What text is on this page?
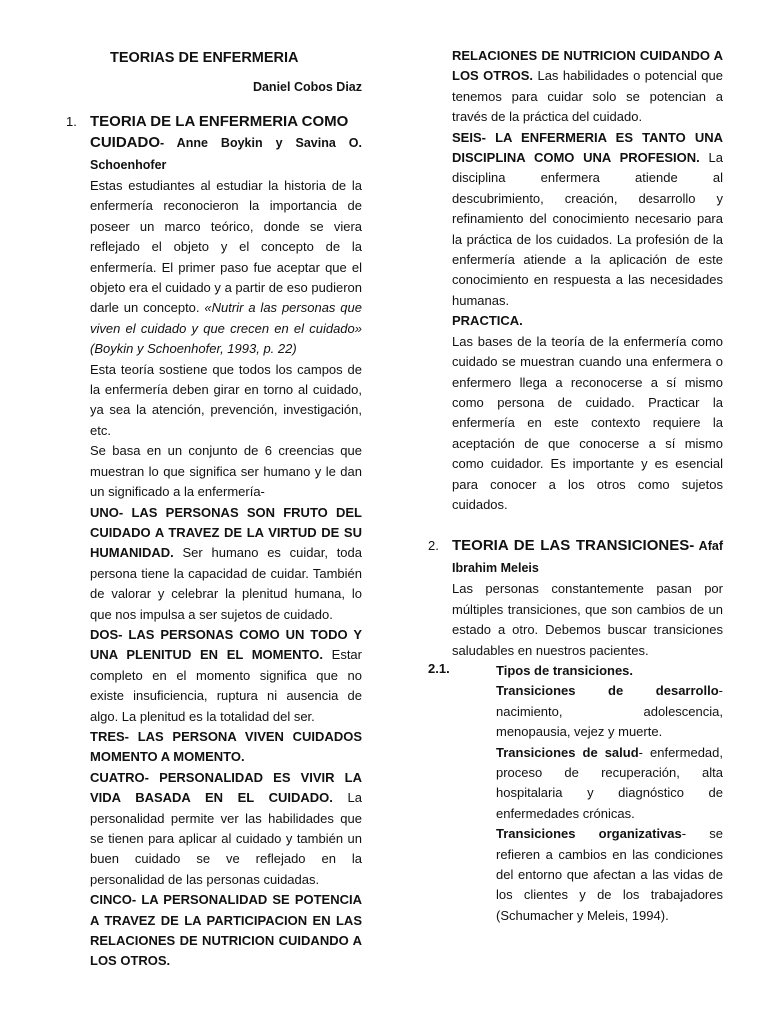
TEORIAS DE ENFERMERIA
Daniel Cobos Diaz
1. TEORIA DE LA ENFERMERIA COMO
CUIDADO- Anne Boykin y Savina O. Schoenhofer

Estas estudiantes al estudiar la historia de la enfermería reconocieron la importancia de poseer un marco teórico, donde se viera reflejado el objeto y el concepto de la enfermería. El primer paso fue aceptar que el objeto era el cuidado y a partir de eso pudieron darle un concepto. «Nutrir a las personas que viven el cuidado y que crecen en el cuidado» (Boykin y Schoenhofer, 1993, p. 22)

Esta teoría sostiene que todos los campos de la enfermería deben girar en torno al cuidado, ya sea la atención, prevención, investigación, etc.

Se basa en un conjunto de 6 creencias que muestran lo que significa ser humano y le dan un significado a la enfermería-

UNO- LAS PERSONAS SON FRUTO DEL CUIDADO A TRAVEZ DE LA VIRTUD DE SU HUMANIDAD. Ser humano es cuidar, toda persona tiene la capacidad de cuidar. También de valorar y celebrar la plenitud humana, lo que nos impulsa a ser sujetos de cuidado.

DOS- LAS PERSONAS COMO UN TODO Y UNA PLENITUD EN EL MOMENTO. Estar completo en el momento significa que no existe insuficiencia, ruptura ni ausencia de algo. La plenitud es la totalidad del ser.

TRES- LAS PERSONA VIVEN CUIDADOS MOMENTO A MOMENTO.

CUATRO- PERSONALIDAD ES VIVIR LA VIDA BASADA EN EL CUIDADO. La personalidad permite ver las habilidades que se tienen para aplicar al cuidado y también un buen cuidado se ve reflejado en la personalidad de las personas cuidadas.

CINCO- LA PERSONALIDAD SE POTENCIA A TRAVEZ DE LA PARTICIPACION EN LAS RELACIONES DE NUTRICION CUIDANDO A LOS OTROS.

RELACIONES DE NUTRICION CUIDANDO A LOS OTROS. Las habilidades o potencial que tenemos para cuidar solo se potencian a través de la práctica del cuidado.

SEIS- LA ENFERMERIA ES TANTO UNA DISCIPLINA COMO UNA PROFESION. La disciplina enfermera atiende al descubrimiento, creación, desarrollo y refinamiento del conocimiento necesario para la práctica de los cuidados. La profesión de la enfermería atiende a la aplicación de este conocimiento en respuesta a las necesidades humanas.

PRACTICA.

Las bases de la teoría de la enfermería como cuidado se muestran cuando una enfermera o enfermero llega a reconocerse a sí mismo como persona de cuidado. Practicar la enfermería en este contexto requiere la aceptación de que conocerse a sí mismo como cuidador. Es importante y es esencial para conocer a los otros como sujetos cuidados.

2. TEORIA DE LAS TRANSICIONES- Afaf Ibrahim Meleis

Las personas constantemente pasan por múltiples transiciones, que son cambios de un estado a otro. Debemos buscar transiciones saludables en nuestros pacientes.

2.1.	Tipos de transiciones.

Transiciones de desarrollo- nacimiento, adolescencia, menopausia, vejez y muerte.

Transiciones de salud- enfermedad, proceso de recuperación, alta hospitalaria y diagnóstico de enfermedades crónicas.

Transiciones organizativas- se refieren a cambios en las condiciones del entorno que afectan a las vidas de los clientes y de los trabajadores (Schumacher y Meleis, 1994).
